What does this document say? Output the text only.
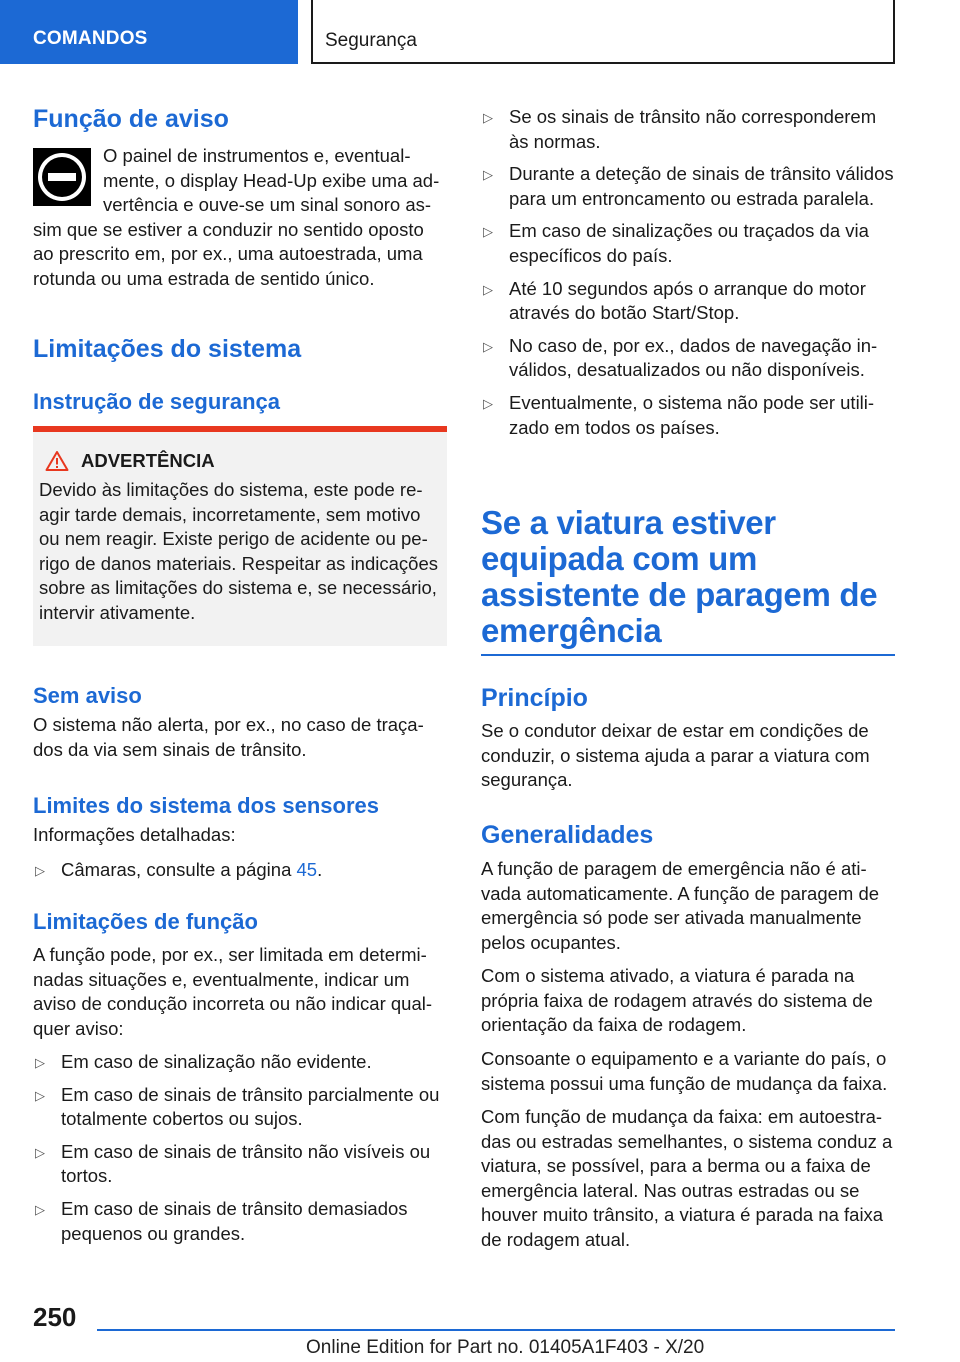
COMANDOS	Segurança
Função de aviso

O painel de instrumentos e, eventualmente, o display Head-Up exibe uma advertência e ouve-se um sinal sonoro assim que se estiver a conduzir no sentido oposto ao prescrito em, por ex., uma autoestrada, uma rotunda ou uma estrada de sentido único.

Limitações do sistema
Instrução de segurança
ADVERTÊNCIA

Devido às limitações do sistema, este pode reagir tarde demais, incorretamente, sem motivo ou nem reagir. Existe perigo de acidente ou perigo de danos materiais. Respeitar as indicações sobre as limitações do sistema e, se necessário, intervir ativamente.

Sem aviso

O sistema não alerta, por ex., no caso de traçados da via sem sinais de trânsito.

Limites do sistema dos sensores

Informações detalhadas:

▷ Câmaras, consulte a página 45.
Limitações de função

A função pode, por ex., ser limitada em determinadas situações e, eventualmente, indicar um aviso de condução incorreta ou não indicar qualquer aviso:

▷ Em caso de sinalização não evidente.
▷ Em caso de sinais de trânsito parcialmente ou totalmente cobertos ou sujos.
▷ Em caso de sinais de trânsito não visíveis ou tortos.
▷ Em caso de sinais de trânsito demasiados pequenos ou grandes.
▷ Se os sinais de trânsito não corresponderem às normas.
▷ Durante a deteção de sinais de trânsito válidos para um entroncamento ou estrada paralela.
▷ Em caso de sinalizações ou traçados da via específicos do país.
▷ Até 10 segundos após o arranque do motor através do botão Start/Stop.
▷ No caso de, por ex., dados de navegação inválidos, desatualizados ou não disponíveis.
▷ Eventualmente, o sistema não pode ser utilizado em todos os países.
Se a viatura estiver equipada com um assistente de paragem de emergência
Princípio

Se o condutor deixar de estar em condições de conduzir, o sistema ajuda a parar a viatura com segurança.

Generalidades

A função de paragem de emergência não é ativada automaticamente. A função de paragem de emergência só pode ser ativada manualmente pelos ocupantes.

Com o sistema ativado, a viatura é parada na própria faixa de rodagem através do sistema de orientação da faixa de rodagem.

Consoante o equipamento e a variante do país, o sistema possui uma função de mudança da faixa.

Com função de mudança da faixa: em autoestradas ou estradas semelhantes, o sistema conduz a viatura, se possível, para a berma ou a faixa de emergência lateral. Nas outras estradas ou se houver muito trânsito, a viatura é parada na faixa de rodagem atual.

250
Online Edition for Part no. 01405A1F403 - X/20
